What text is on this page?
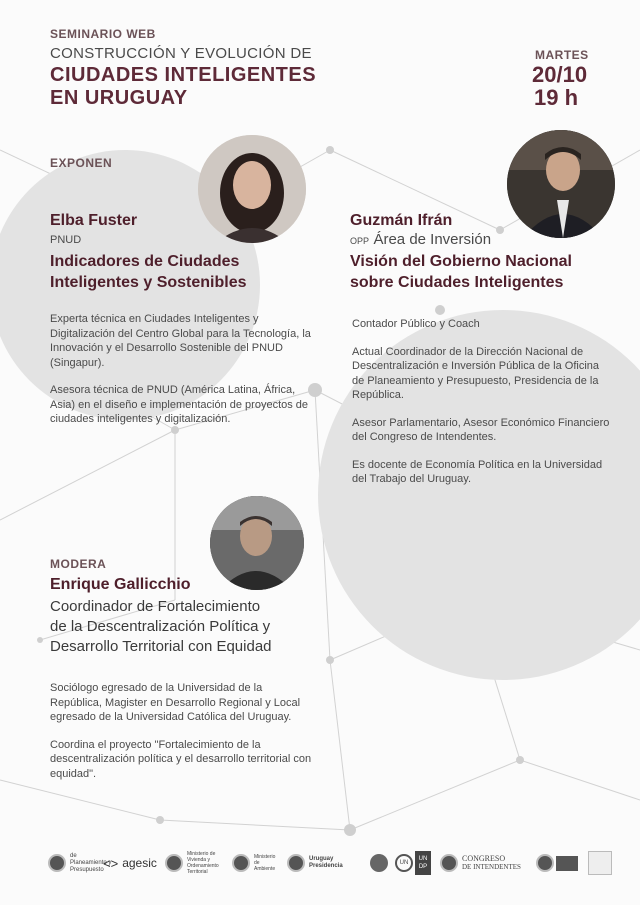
SEMINARIO WEB
CONSTRUCCIÓN Y EVOLUCIÓN DE
CIUDADES INTELIGENTES
EN URUGUAY
MARTES
20/10
19 h
EXPONEN
Elba Fuster
PNUD
Indicadores de Ciudades
Inteligentes y Sostenibles

Experta técnica en Ciudades Inteligentes y Digitalización del Centro Global para la Tecnología, la Innovación y el Desarrollo Sostenible del PNUD (Singapur).

Asesora técnica de PNUD (América Latina, África, Asia) en el diseño e implementación de proyectos de ciudades inteligentes y digitalización.

Guzmán Ifrán
OPP Área de Inversión
Visión del Gobierno Nacional
sobre Ciudades Inteligentes

Contador Público y Coach

Actual Coordinador de la Dirección Nacional de Descentralización e Inversión Pública de la Oficina de Planeamiento y Presupuesto, Presidencia de la República.

Asesor Parlamentario, Asesor Económico Financiero del Congreso de Intendentes.

Es docente de Economía Política en la Universidad del Trabajo del Uruguay.

MODERA
Enrique Gallicchio
Coordinador de Fortalecimiento
de la Descentralización Política y
Desarrollo Territorial con Equidad

Sociólogo egresado de la Universidad de la República, Magister en Desarrollo Regional y Local egresado de la Universidad Católica del Uruguay.

Coordina el proyecto "Fortalecimiento de la descentralización política y el desarrollo territorial con equidad".

de Planeamiento y Presupuesto <> agesic
Ministerio de Vivienda y Ordenamiento Territorial
Ministerio de Ambiente
Uruguay Presidencia	UN
UN DP
CONGRESO
DE INTENDENTES
